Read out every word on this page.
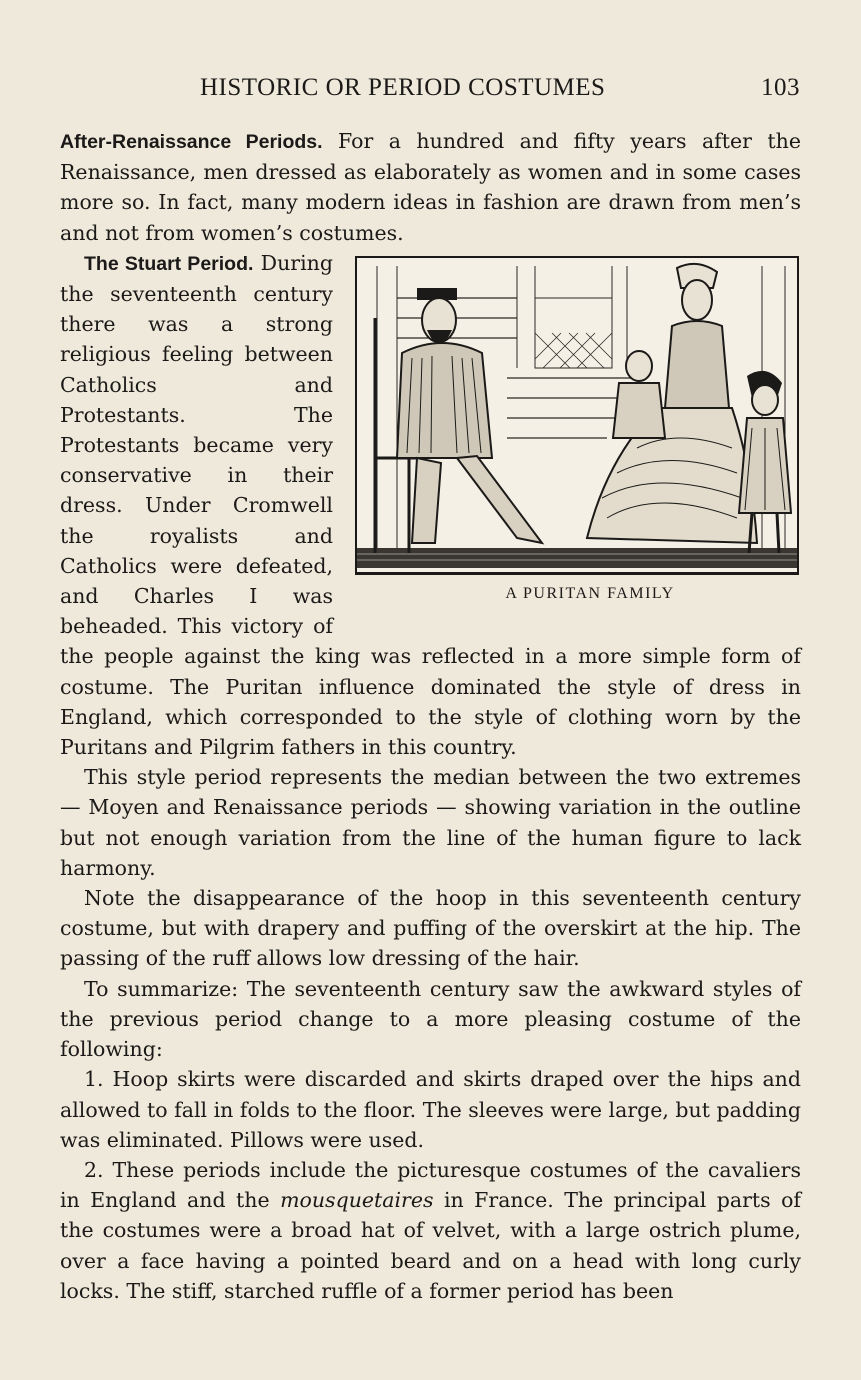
HISTORIC OR PERIOD COSTUMES	103

After-Renaissance Periods. For a hundred and fifty years after the Renaissance, men dressed as elaborately as women and in some cases more so. In fact, many modern ideas in fashion are drawn from men’s and not from women’s costumes.

A PURITAN FAMILY
The Stuart Period. During the seventeenth century there was a strong religious feeling between Catholics and Protestants. The Protestants became very conservative in their dress. Under Cromwell the royalists and Catholics were defeated, and Charles I was beheaded. This victory of the people against the king was reflected in a more simple form of costume. The Puritan influence dominated the style of dress in England, which corresponded to the style of clothing worn by the Puritans and Pilgrim fathers in this country.

This style period represents the median between the two extremes — Moyen and Renaissance periods — showing variation in the outline but not enough variation from the line of the human figure to lack harmony.

Note the disappearance of the hoop in this seventeenth century costume, but with drapery and puffing of the overskirt at the hip. The passing of the ruff allows low dressing of the hair.

To summarize: The seventeenth century saw the awkward styles of the previous period change to a more pleasing costume of the following:

1. Hoop skirts were discarded and skirts draped over the hips and allowed to fall in folds to the floor. The sleeves were large, but padding was eliminated. Pillows were used.

2. These periods include the picturesque costumes of the cavaliers in England and the mousquetaires in France. The principal parts of the costumes were a broad hat of velvet, with a large ostrich plume, over a face having a pointed beard and on a head with long curly locks. The stiff, starched ruffle of a former period has been
